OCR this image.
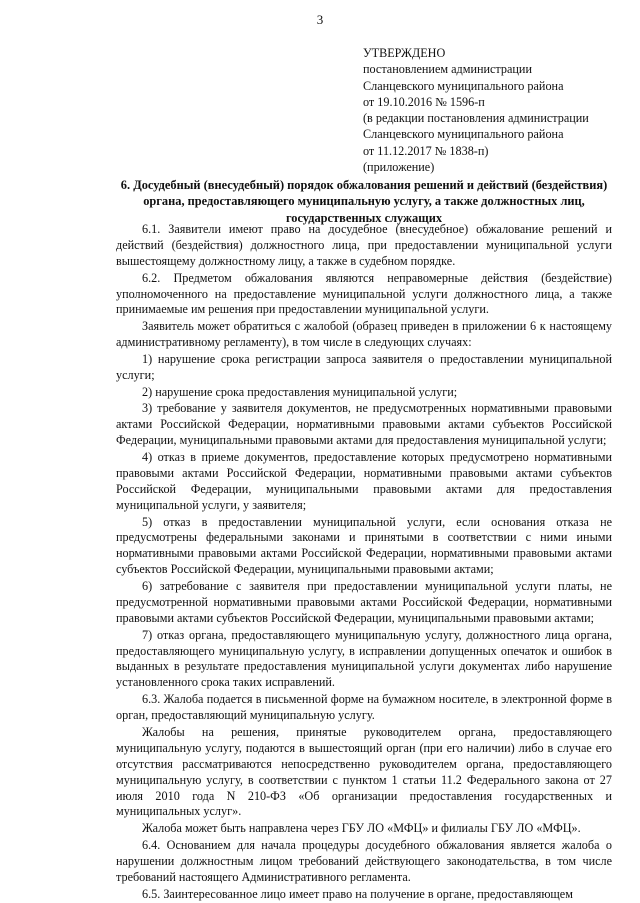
3
УТВЕРЖДЕНО
постановлением администрации
Сланцевского муниципального района
от 19.10.2016 № 1596-п
(в редакции постановления администрации
Сланцевского муниципального района
от 11.12.2017 № 1838-п)
(приложение)
6. Досудебный (внесудебный) порядок обжалования решений и действий (бездействия) органа, предоставляющего муниципальную услугу, а также должностных лиц, государственных служащих

6.1. Заявители имеют право на досудебное (внесудебное) обжалование решений и действий (бездействия) должностного лица, при предоставлении муниципальной услуги вышестоящему должностному лицу, а также в судебном порядке.

6.2. Предметом обжалования являются неправомерные действия (бездействие) уполномоченного на предоставление муниципальной услуги должностного лица, а также принимаемые им решения при предоставлении муниципальной услуги.

Заявитель может обратиться с жалобой (образец приведен в приложении 6 к настоящему административному регламенту), в том числе в следующих случаях:

1) нарушение срока регистрации запроса заявителя о предоставлении муниципальной услуги;

2) нарушение срока предоставления муниципальной услуги;

3) требование у заявителя документов, не предусмотренных нормативными правовыми актами Российской Федерации, нормативными правовыми актами субъектов Российской Федерации, муниципальными правовыми актами для предоставления муниципальной услуги;

4) отказ в приеме документов, предоставление которых предусмотрено нормативными правовыми актами Российской Федерации, нормативными правовыми актами субъектов Российской Федерации, муниципальными правовыми актами для предоставления муниципальной услуги, у заявителя;

5) отказ в предоставлении муниципальной услуги, если основания отказа не предусмотрены федеральными законами и принятыми в соответствии с ними иными нормативными правовыми актами Российской Федерации, нормативными правовыми актами субъектов Российской Федерации, муниципальными правовыми актами;

6) затребование с заявителя при предоставлении муниципальной услуги платы, не предусмотренной нормативными правовыми актами Российской Федерации, нормативными правовыми актами субъектов Российской Федерации, муниципальными правовыми актами;

7) отказ органа, предоставляющего муниципальную услугу, должностного лица органа, предоставляющего муниципальную услугу, в исправлении допущенных опечаток и ошибок в выданных в результате предоставления муниципальной услуги документах либо нарушение установленного срока таких исправлений.

6.3. Жалоба подается в письменной форме на бумажном носителе, в электронной форме в орган, предоставляющий муниципальную услугу.

Жалобы на решения, принятые руководителем органа, предоставляющего муниципальную услугу, подаются в вышестоящий орган (при его наличии) либо в случае его отсутствия рассматриваются непосредственно руководителем органа, предоставляющего муниципальную услугу, в соответствии с пунктом 1 статьи 11.2 Федерального закона от 27 июля 2010 года N 210-ФЗ «Об организации предоставления государственных и муниципальных услуг».

Жалоба может быть направлена через ГБУ ЛО «МФЦ» и филиалы ГБУ ЛО «МФЦ».

6.4. Основанием для начала процедуры досудебного обжалования является жалоба о нарушении должностным лицом требований действующего законодательства, в том числе требований настоящего Административного регламента.

6.5. Заинтересованное лицо имеет право на получение в органе, предоставляющем
